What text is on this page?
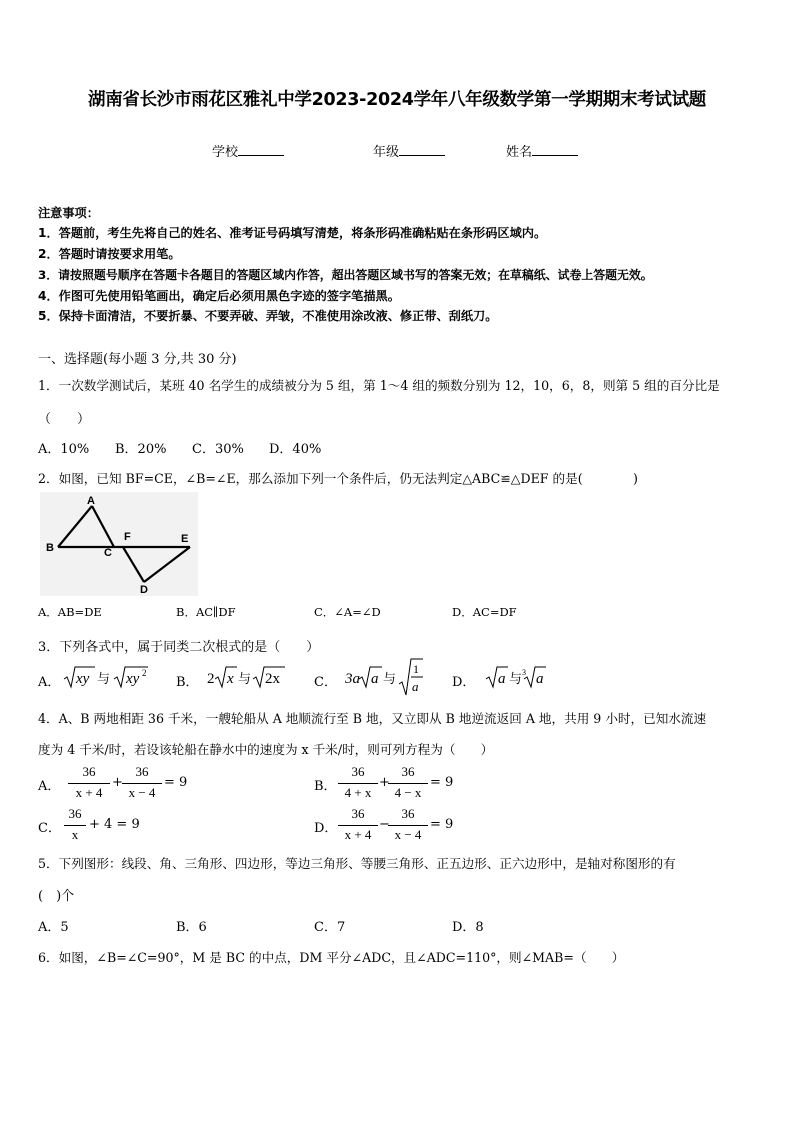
湖南省长沙市雨花区雅礼中学2023-2024学年八年级数学第一学期期末考试试题
学校	年级	姓名
注意事项：
1．答题前，考生先将自己的姓名、准考证号码填写清楚，将条形码准确粘贴在条形码区域内。
2．答题时请按要求用笔。
3．请按照题号顺序在答题卡各题目的答题区域内作答，超出答题区域书写的答案无效；在草稿纸、试卷上答题无效。
4．作图可先使用铅笔画出，确定后必须用黑色字迹的签字笔描黑。
5．保持卡面清洁，不要折暴、不要弄破、弄皱，不准使用涂改液、修正带、刮纸刀。
一、选择题(每小题 3 分,共 30 分)
1．一次数学测试后，某班 40 名学生的成绩被分为 5 组，第 1～4 组的频数分别为 12，10，6，8，则第 5 组的百分比是
（　　）
A．10% B．20% C．30% D．40%
2．如图，已知 BF=CE，∠B=∠E，那么添加下列一个条件后，仍无法判定△ABC≌△DEF 的是(　　　　)
A
B	C
F	E
D
A．AB=DE	B．AC∥DF	C．∠A=∠D	D．AC=DF
3．下列各式中，属于同类二次根式的是（　　）
A． xy xy 2
与	B． 2 x 2x
与	C． 3a a
1
a
与	D． a a
3
与
4．A、B 两地相距 36 千米，一艘轮船从 A 地顺流行至 B 地，又立即从 B 地逆流返回 A 地，共用 9 小时，已知水流速
度为 4 千米/时，若设该轮船在静水中的速度为 x 千米/时，则可列方程为（　　）
A．
36
x + 4
+
36
x − 4
= 9	B．
36
4 + x
+
36
4 − x
= 9
C．
36
x
+ 4 = 9	D．
36
x + 4
−
36
x − 4
= 9
5．下列图形：线段、角、三角形、四边形，等边三角形、等腰三角形、正五边形、正六边形中，是轴对称图形的有
(　)个
A．5	B．6	C．7	D．8
6．如图，∠B=∠C=90°，M 是 BC 的中点，DM 平分∠ADC，且∠ADC=110°，则∠MAB=（　　）
